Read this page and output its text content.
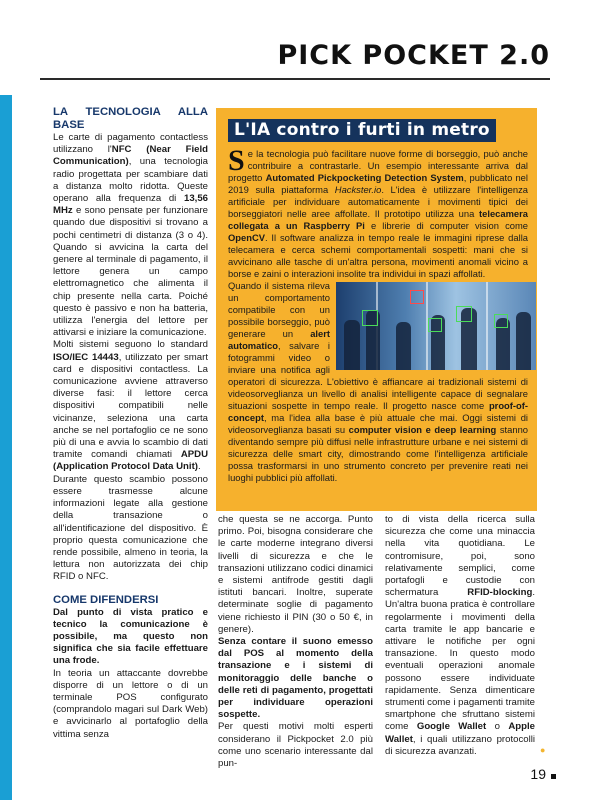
PICK POCKET 2.0

LA TECNOLOGIA ALLA BASE

Le carte di pagamento contactless utilizzano l'NFC (Near Field Communication), una tecnologia radio progettata per scambiare dati a distanza molto ridotta. Queste operano alla frequenza di 13,56 MHz e sono pensate per funzionare quando due dispositivi si trovano a pochi centimetri di distanza (3 o 4). Quando si avvicina la carta del genere al terminale di pagamento, il lettore genera un campo elettromagnetico che alimenta il chip presente nella carta. Poiché questo è passivo e non ha batteria, utilizza l'energia del lettore per attivarsi e iniziare la comunicazione.

Molti sistemi seguono lo standard ISO/IEC 14443, utilizzato per smart card e dispositivi contactless. La comunicazione avviene attraverso diverse fasi: il lettore cerca dispositivi compatibili nelle vicinanze, seleziona una carta anche se nel portafoglio ce ne sono più di una e avvia lo scambio di dati tramite comandi chiamati APDU (Application Protocol Data Unit).

Durante questo scambio possono essere trasmesse alcune informazioni legate alla gestione della transazione o all'identificazione del dispositivo. È proprio questa comunicazione che rende possibile, almeno in teoria, la lettura non autorizzata dei chip RFID o NFC.

COME DIFENDERSI

Dal punto di vista pratico e tecnico la comunicazione è possibile, ma questo non significa che sia facile effettuare una frode.

In teoria un attaccante dovrebbe disporre di un lettore o di un terminale POS configurato (comprandolo magari sul Dark Web) e avvicinarlo al portafoglio della vittima senza

L'IA contro i furti in metro

Se la tecnologia può facilitare nuove forme di borseggio, può anche contribuire a contrastarle. Un esempio interessante arriva dal progetto Automated Pickpocketing Detection System, pubblicato nel 2019 sulla piattaforma Hackster.io. L'idea è utilizzare l'intelligenza artificiale per individuare automaticamente i movimenti tipici dei borseggiatori nelle aree affollate. Il prototipo utilizza una telecamera collegata a un Raspberry Pi e librerie di computer vision come OpenCV. Il software analizza in tempo reale le immagini riprese dalla telecamera e cerca schemi comportamentali sospetti: mani che si avvicinano alle tasche di un'altra persona, movimenti anomali vicino a borse e zaini o interazioni insolite tra individui in spazi affollati.

Quando il sistema rileva un comportamento compatibile con un possibile borseggio, può generare un alert automatico, salvare i fotogrammi video o inviare una notifica agli operatori di sicurezza. L'obiettivo è affiancare ai tradizionali sistemi di videosorveglianza un livello di analisi intelligente capace di segnalare situazioni sospette in tempo reale. Il progetto nasce come proof-of-concept, ma l'idea alla base è più attuale che mai. Oggi sistemi di videosorveglianza basati su computer vision e deep learning stanno diventando sempre più diffusi nelle infrastrutture urbane e nei sistemi di sicurezza delle smart city, dimostrando come l'intelligenza artificiale possa trasformarsi in uno strumento concreto per prevenire reati nei luoghi pubblici più affollati.

che questa se ne accorga. Punto primo. Poi, bisogna considerare che le carte moderne integrano diversi livelli di sicurezza e che le transazioni utilizzano codici dinamici e sistemi antifrode gestiti dagli istituti bancari. Inoltre, superate determinate soglie di pagamento viene richiesto il PIN (30 o 50 €, in genere).

Senza contare il suono emesso dal POS al momento della transazione e i sistemi di monitoraggio delle banche o delle reti di pagamento, progettati per individuare operazioni sospette.

Per questi motivi molti esperti considerano il Pickpocket 2.0 più come uno scenario interessante dal pun-

to di vista della ricerca sulla sicurezza che come una minaccia nella vita quotidiana. Le contromisure, poi, sono relativamente semplici, come portafogli e custodie con schermatura RFID-blocking. Un'altra buona pratica è controllare regolarmente i movimenti della carta tramite le app bancarie e attivare le notifiche per ogni transazione. In questo modo eventuali operazioni anomale possono essere individuate rapidamente. Senza dimenticare strumenti come i pagamenti tramite smartphone che sfruttano sistemi come Google Wallet o Apple Wallet, i quali utilizzano protocolli di sicurezza avanzati.	●
19
